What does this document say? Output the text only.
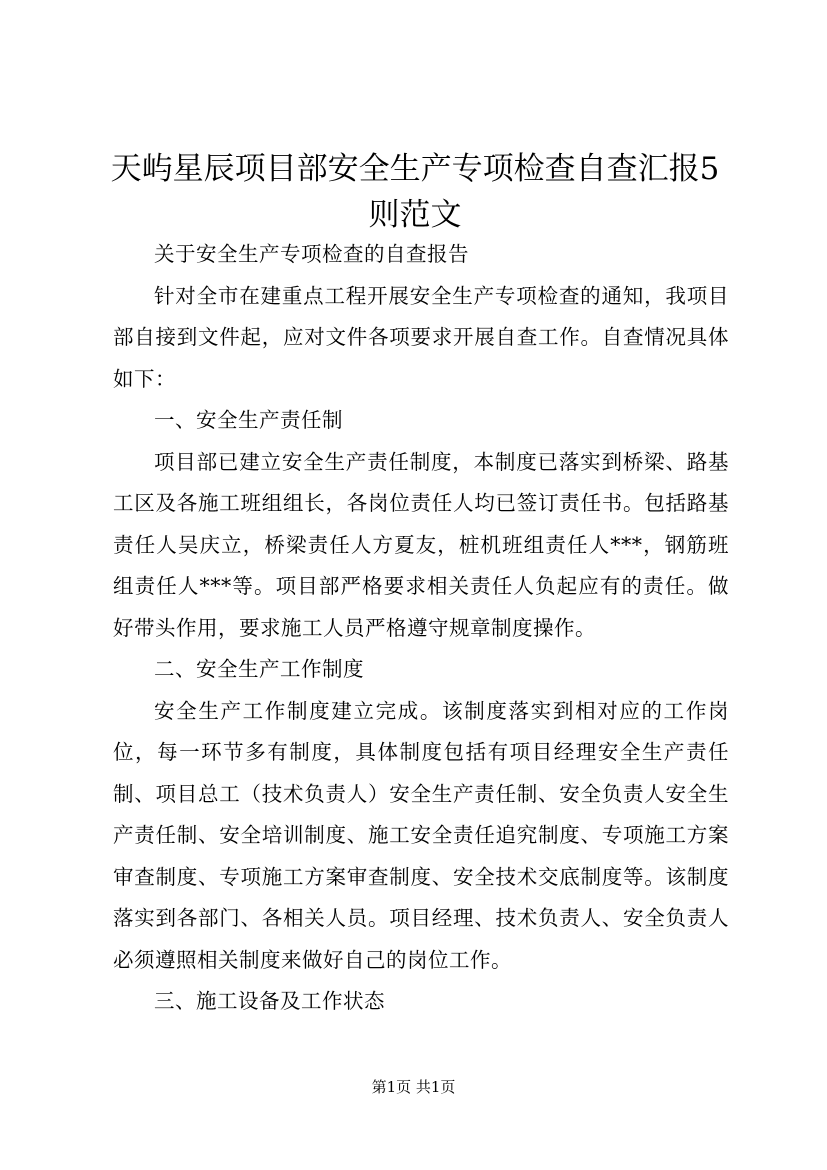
天屿星辰项目部安全生产专项检查自查汇报5则范文

关于安全生产专项检查的自查报告

针对全市在建重点工程开展安全生产专项检查的通知，我项目部自接到文件起，应对文件各项要求开展自查工作。自查情况具体如下：

一、安全生产责任制

项目部已建立安全生产责任制度，本制度已落实到桥梁、路基工区及各施工班组组长，各岗位责任人均已签订责任书。包括路基责任人吴庆立，桥梁责任人方夏友，桩机班组责任人***，钢筋班组责任人***等。项目部严格要求相关责任人负起应有的责任。做好带头作用，要求施工人员严格遵守规章制度操作。

二、安全生产工作制度

安全生产工作制度建立完成。该制度落实到相对应的工作岗位，每一环节多有制度，具体制度包括有项目经理安全生产责任制、项目总工（技术负责人）安全生产责任制、安全负责人安全生产责任制、安全培训制度、施工安全责任追究制度、专项施工方案审查制度、专项施工方案审查制度、安全技术交底制度等。该制度落实到各部门、各相关人员。项目经理、技术负责人、安全负责人必须遵照相关制度来做好自己的岗位工作。

三、施工设备及工作状态

第1页 共1页
